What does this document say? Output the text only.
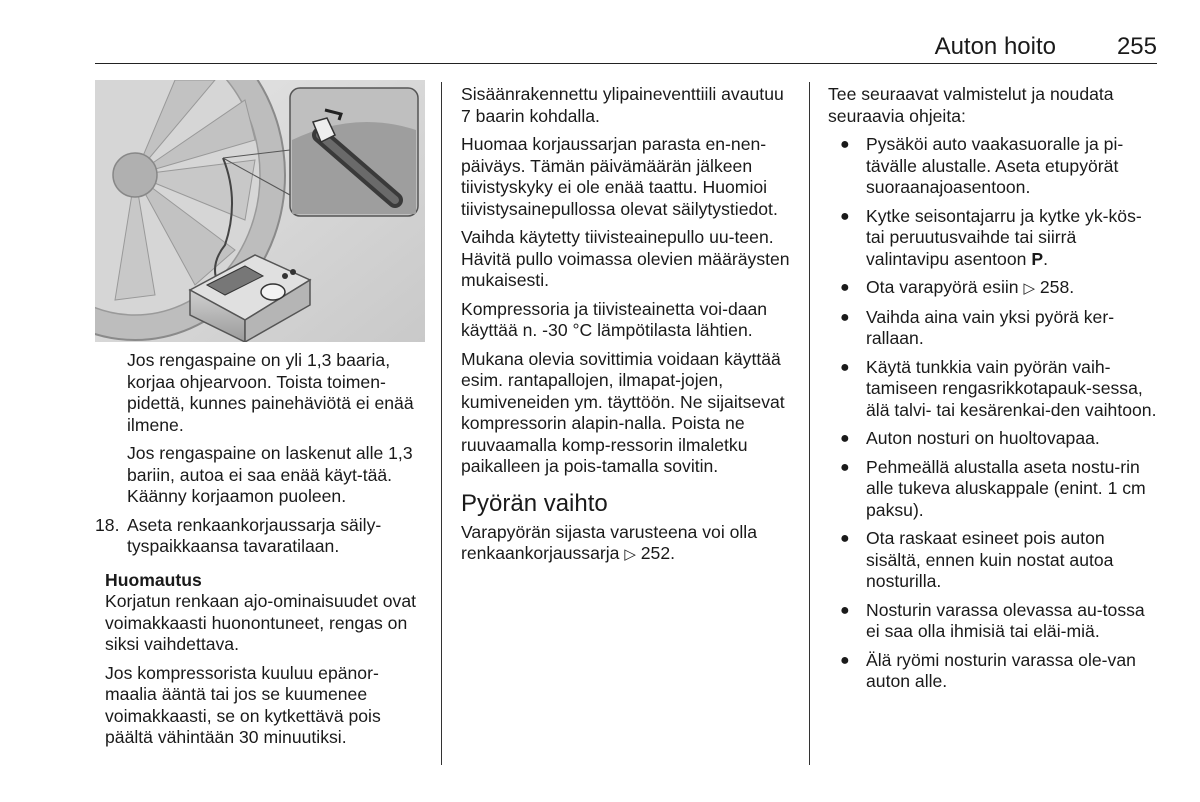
Auton hoito	255
Jos rengaspaine on yli 1,3 baaria, korjaa ohjearvoon. Toista toimen-pidettä, kunnes painehäviötä ei enää ilmene.
Jos rengaspaine on laskenut alle 1,3 bariin, autoa ei saa enää käyt-tää. Käänny korjaamon puoleen.
18. Aseta renkaankorjaussarja säily-tyspaikkaansa tavaratilaan.
Huomautus
Korjatun renkaan ajo-ominaisuudet ovat voimakkaasti huonontuneet, rengas on siksi vaihdettava.
Jos kompressorista kuuluu epänor-maalia ääntä tai jos se kuumenee voimakkaasti, se on kytkettävä pois päältä vähintään 30 minuutiksi.
Sisäänrakennettu ylipaineventtiili avautuu 7 baarin kohdalla.
Huomaa korjaussarjan parasta en-nen-päiväys. Tämän päivämäärän jälkeen tiivistyskyky ei ole enää taattu. Huomioi tiivistysainepullossa olevat säilytystiedot.
Vaihda käytetty tiivisteainepullo uu-teen. Hävitä pullo voimassa olevien määräysten mukaisesti.
Kompressoria ja tiivisteainetta voi-daan käyttää n. -30 °C lämpötilasta lähtien.
Mukana olevia sovittimia voidaan käyttää esim. rantapallojen, ilmapat-jojen, kumiveneiden ym. täyttöön. Ne sijaitsevat kompressorin alapin-nalla. Poista ne ruuvaamalla komp-ressorin ilmaletku paikalleen ja pois-tamalla sovitin.
Pyörän vaihto
Varapyörän sijasta varusteena voi olla renkaankorjaussarja ▷ 252.
Tee seuraavat valmistelut ja noudata seuraavia ohjeita:
● Pysäköi auto vaakasuoralle ja pi-tävälle alustalle. Aseta etupyörät suoraanajoasentoon.
● Kytke seisontajarru ja kytke yk-kös- tai peruutusvaihde tai siirrä valintavipu asentoon P.
● Ota varapyörä esiin ▷ 258.
● Vaihda aina vain yksi pyörä ker-rallaan.
● Käytä tunkkia vain pyörän vaih-tamiseen rengasrikkotapauk-sessa, älä talvi- tai kesärenkai-den vaihtoon.
● Auton nosturi on huoltovapaa.
● Pehmeällä alustalla aseta nostu-rin alle tukeva aluskappale (enint. 1 cm paksu).
● Ota raskaat esineet pois auton sisältä, ennen kuin nostat autoa nosturilla.
● Nosturin varassa olevassa au-tossa ei saa olla ihmisiä tai eläi-miä.
● Älä ryömi nosturin varassa ole-van auton alle.
